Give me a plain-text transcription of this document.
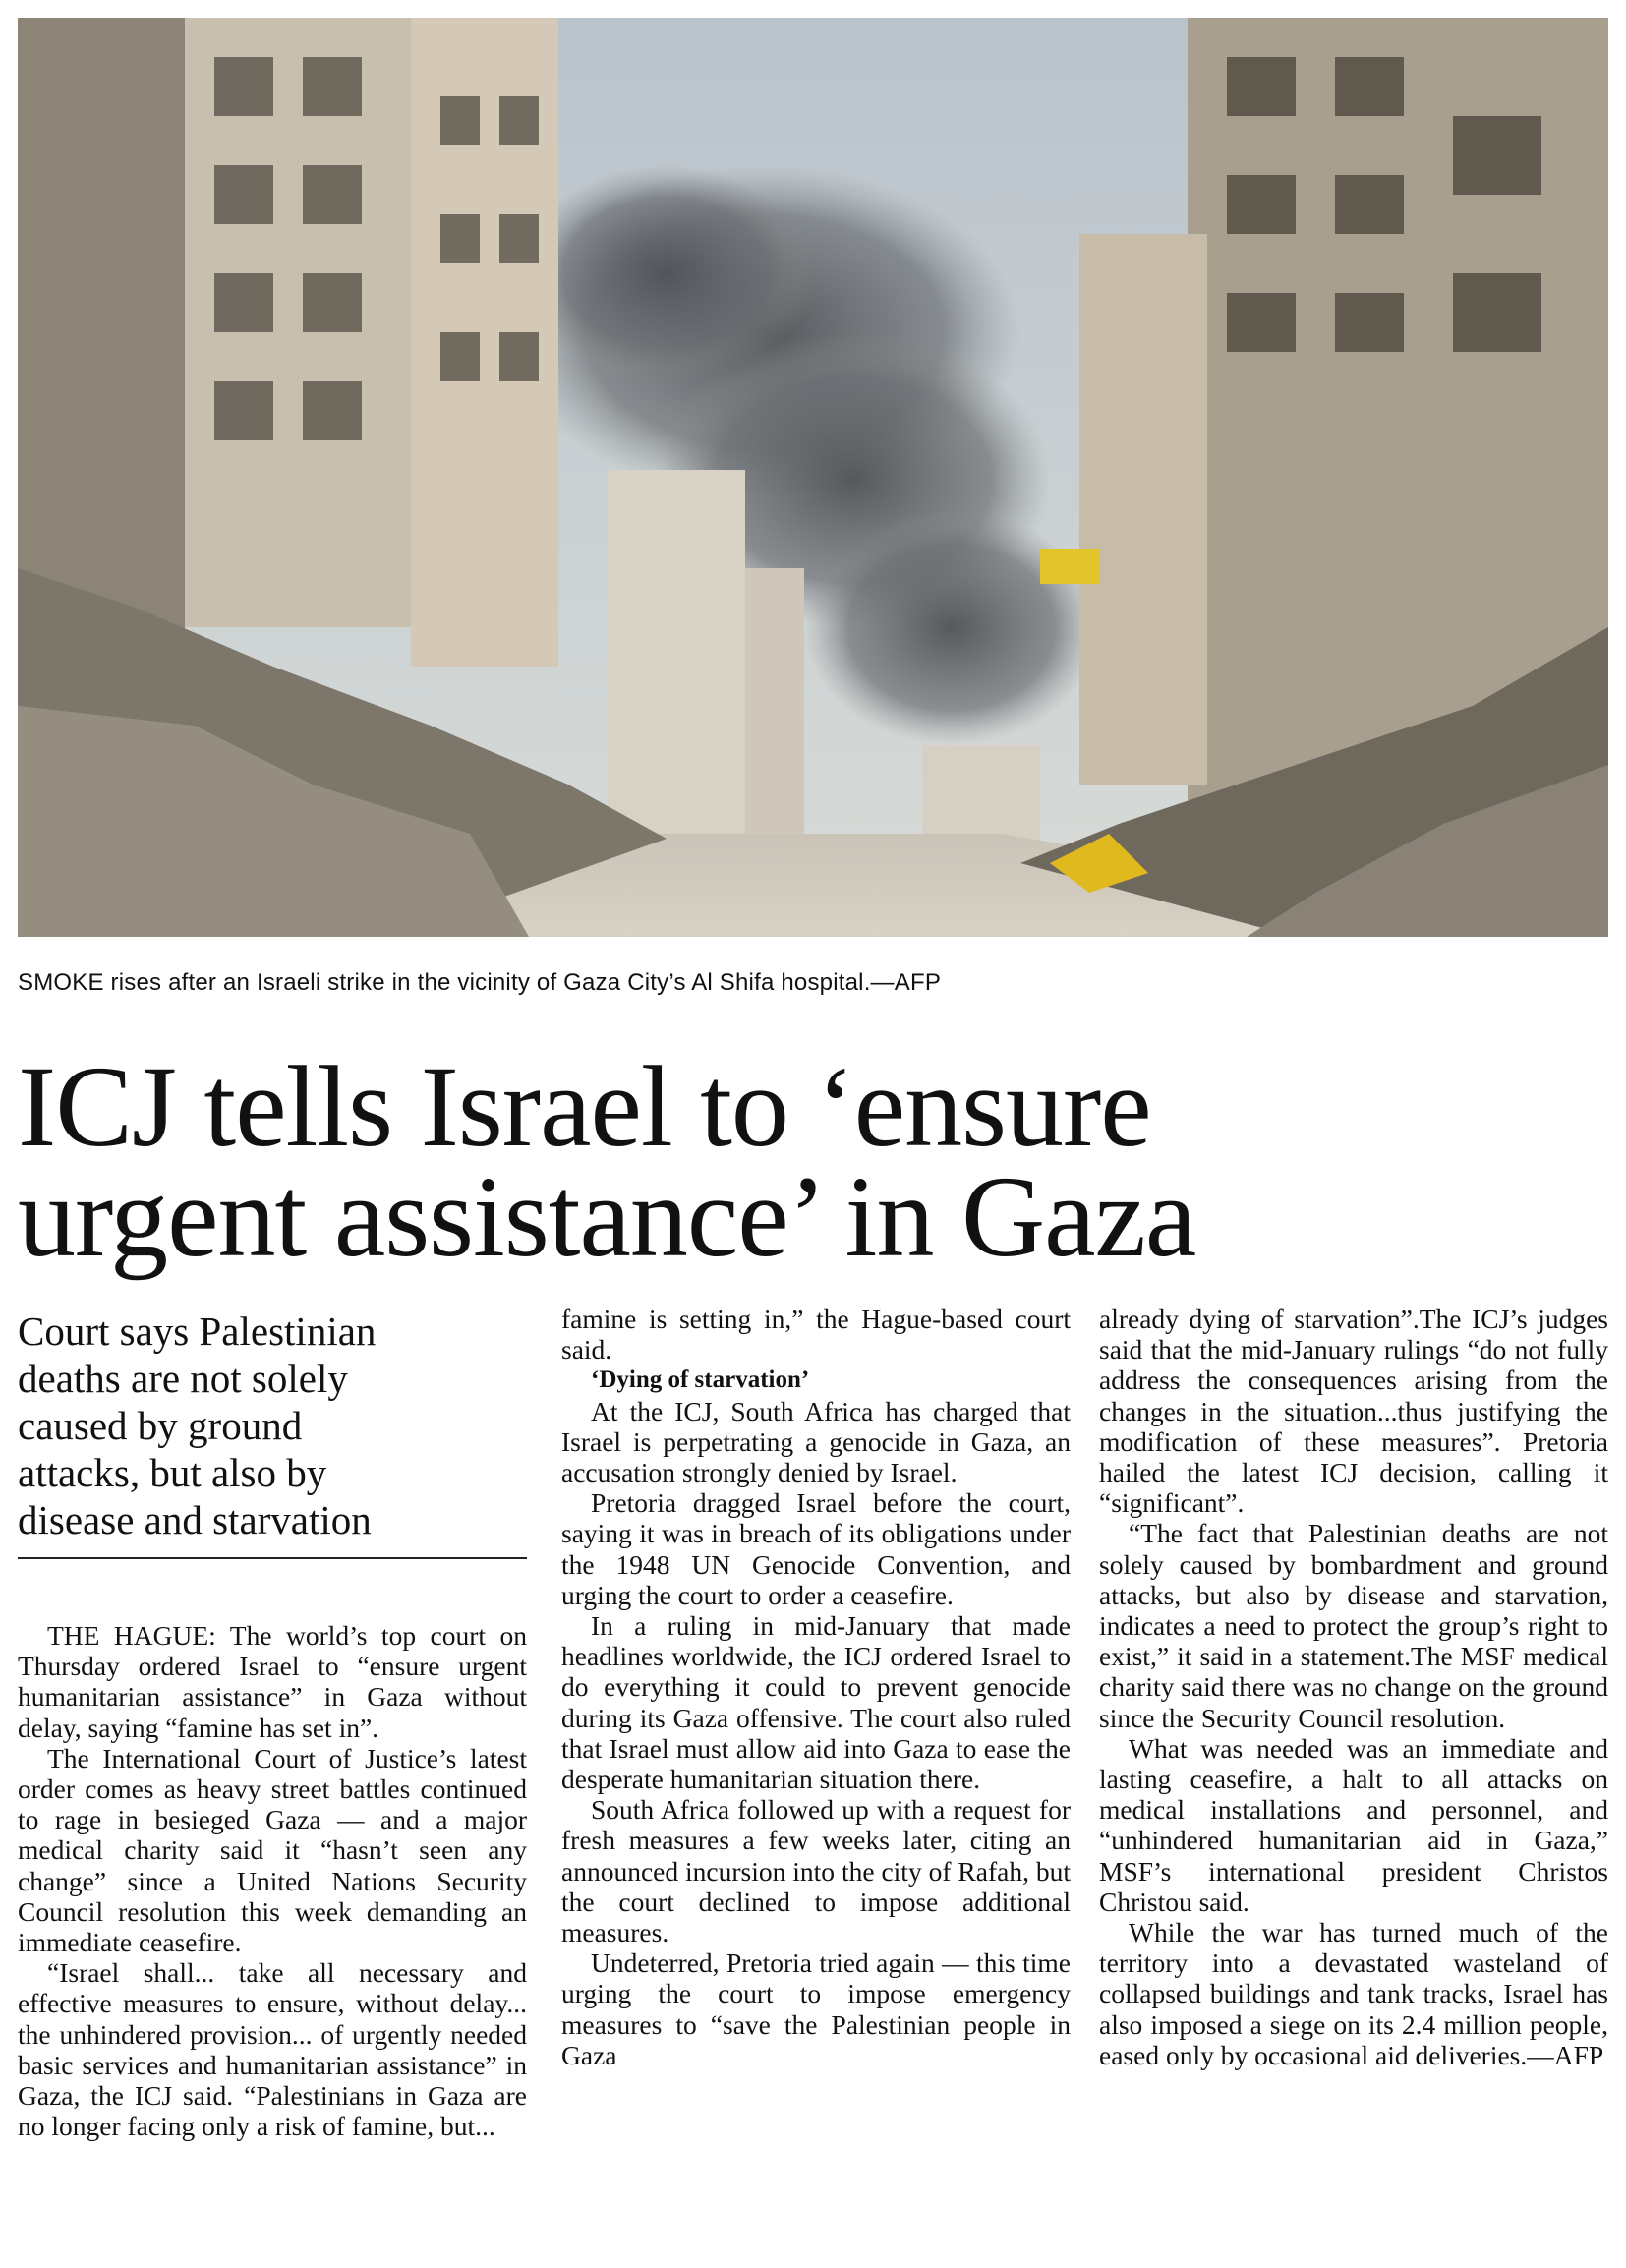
SMOKE rises after an Israeli strike in the vicinity of Gaza City’s Al Shifa hospital.—AFP
ICJ tells Israel to ‘ensure
urgent assistance’ in Gaza
Court says Palestinian
deaths are not solely
caused by ground
attacks, but also by
disease and starvation

THE HAGUE: The world’s top court on Thursday ordered Israel to “ensure urgent humanitarian assistance” in Gaza without delay, saying “famine has set in”.

The International Court of Justice’s latest order comes as heavy street battles continued to rage in besieged Gaza — and a major medical charity said it “hasn’t seen any change” since a United Nations Security Council resolution this week demanding an immediate ceasefire.

“Israel shall... take all necessary and effective measures to ensure, without delay... the unhindered provision... of urgently needed basic services and humanitarian assistance” in Gaza, the ICJ said. “Palestinians in Gaza are no longer facing only a risk of famine, but...

famine is setting in,” the Hague-based court said.

‘Dying of starvation’

At the ICJ, South Africa has charged that Israel is perpetrating a genocide in Gaza, an accusation strongly denied by Israel.

Pretoria dragged Israel before the court, saying it was in breach of its obligations under the 1948 UN Genocide Convention, and urging the court to order a ceasefire.

In a ruling in mid-January that made headlines worldwide, the ICJ ordered Israel to do everything it could to prevent genocide during its Gaza offensive. The court also ruled that Israel must allow aid into Gaza to ease the desperate humanitarian situation there.

South Africa followed up with a request for fresh measures a few weeks later, citing an announced incursion into the city of Rafah, but the court declined to impose additional measures.

Undeterred, Pretoria tried again — this time urging the court to impose emergency measures to “save the Palestinian people in Gaza

already dying of starvation”.The ICJ’s judges said that the mid-January rulings “do not fully address the consequences arising from the changes in the situation...thus justifying the modification of these measures”. Pretoria hailed the latest ICJ decision, calling it “significant”.

“The fact that Palestinian deaths are not solely caused by bombardment and ground attacks, but also by disease and starvation, indicates a need to protect the group’s right to exist,” it said in a statement.The MSF medical charity said there was no change on the ground since the Security Council resolution.

What was needed was an immediate and lasting ceasefire, a halt to all attacks on medical installations and personnel, and “unhindered humanitarian aid in Gaza,” MSF’s international president Christos Christou said.

While the war has turned much of the territory into a devastated wasteland of collapsed buildings and tank tracks, Israel has also imposed a siege on its 2.4 million people, eased only by occasional aid deliveries.—AFP
